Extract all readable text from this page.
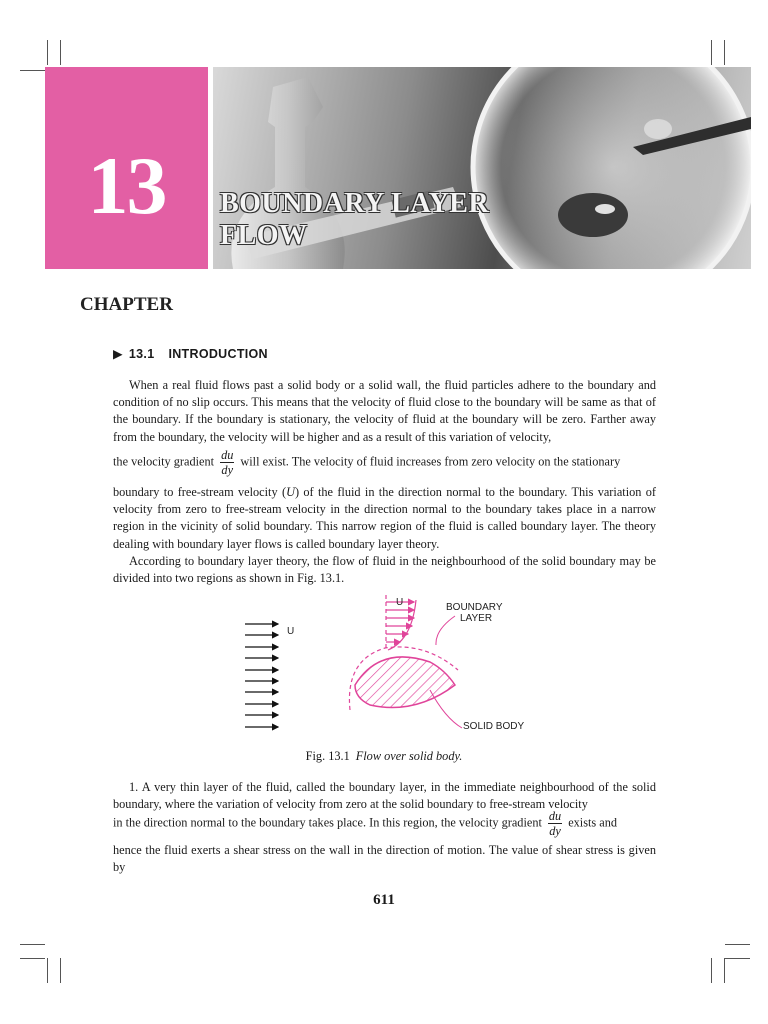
13
CHAPTER
BOUNDARY LAYER
FLOW
▶ 13.1 INTRODUCTION

When a real fluid flows past a solid body or a solid wall, the fluid particles adhere to the boundary and condition of no slip occurs. This means that the velocity of fluid close to the boundary will be same as that of the boundary. If the boundary is stationary, the velocity of fluid at the boundary will be zero. Farther away from the boundary, the velocity will be higher and as a result of this variation of velocity,

the velocity gradient $\frac{du}{dy}$ will exist. The velocity of fluid increases from zero velocity on the stationary

boundary to free-stream velocity (U) of the fluid in the direction normal to the boundary. This variation of velocity from zero to free-stream velocity in the direction normal to the boundary takes place in a narrow region in the vicinity of solid boundary. This narrow region of the fluid is called boundary layer. The theory dealing with boundary layer flows is called boundary layer theory.

According to boundary layer theory, the flow of fluid in the neighbourhood of the solid boundary may be divided into two regions as shown in Fig. 13.1.

U
U
BOUNDARY
LAYER
SOLID BODY
Fig. 13.1 Flow over solid body.

1. A very thin layer of the fluid, called the boundary layer, in the immediate neighbourhood of the solid boundary, where the variation of velocity from zero at the solid boundary to free-stream velocity

in the direction normal to the boundary takes place. In this region, the velocity gradient $\frac{du}{dy}$ exists and

hence the fluid exerts a shear stress on the wall in the direction of motion. The value of shear stress is given by

611
